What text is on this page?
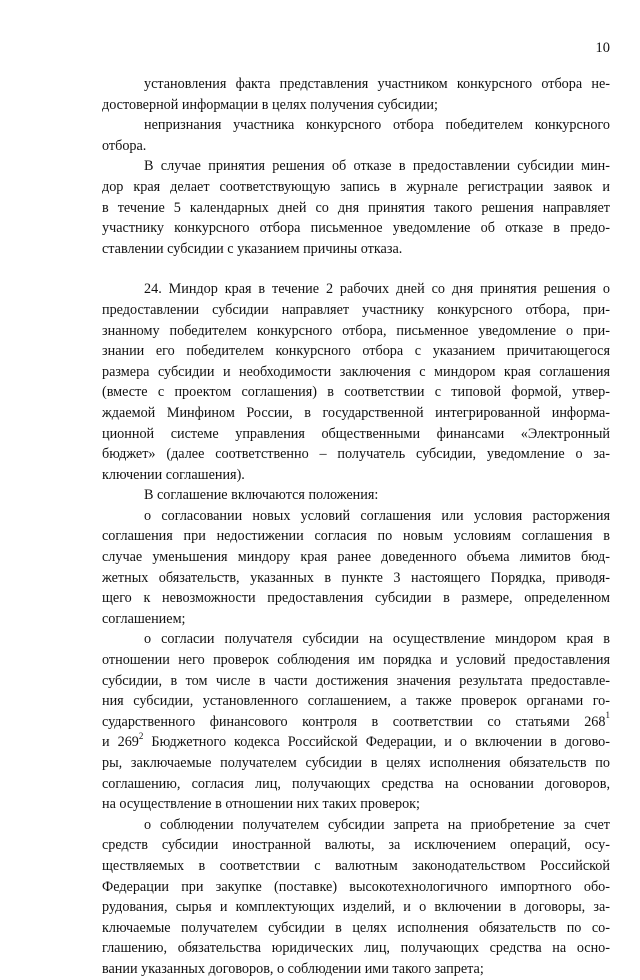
10
установления факта представления участником конкурсного отбора не-
достоверной информации в целях получения субсидии;
непризнания участника конкурсного отбора победителем конкурсного
отбора.
В случае принятия решения об отказе в предоставлении субсидии мин-
дор края делает соответствующую запись в журнале регистрации заявок и
в течение 5 календарных дней со дня принятия такого решения направляет
участнику конкурсного отбора письменное уведомление об отказе в предо-
ставлении субсидии с указанием причины отказа.
24. Миндор края в течение 2 рабочих дней со дня принятия решения о
предоставлении субсидии направляет участнику конкурсного отбора, при-
знанному победителем конкурсного отбора, письменное уведомление о при-
знании его победителем конкурсного отбора с указанием причитающегося
размера субсидии и необходимости заключения с миндором края соглашения
(вместе с проектом соглашения) в соответствии с типовой формой, утвер-
ждаемой Минфином России, в государственной интегрированной информа-
ционной системе управления общественными финансами «Электронный
бюджет» (далее соответственно – получатель субсидии, уведомление о за-
ключении соглашения).
В соглашение включаются положения:
о согласовании новых условий соглашения или условия расторжения
соглашения при недостижении согласия по новым условиям соглашения в
случае уменьшения миндору края ранее доведенного объема лимитов бюд-
жетных обязательств, указанных в пункте 3 настоящего Порядка, приводя-
щего к невозможности предоставления субсидии в размере, определенном
соглашением;
о согласии получателя субсидии на осуществление миндором края в
отношении него проверок соблюдения им порядка и условий предоставления
субсидии, в том числе в части достижения значения результата предоставле-
ния субсидии, установленного соглашением, а также проверок органами го-
сударственного финансового контроля в соответствии со статьями $268^1$
и $269^2$ Бюджетного кодекса Российской Федерации, и о включении в догово-
ры, заключаемые получателем субсидии в целях исполнения обязательств по
соглашению, согласия лиц, получающих средства на основании договоров,
на осуществление в отношении них таких проверок;
о соблюдении получателем субсидии запрета на приобретение за счет
средств субсидии иностранной валюты, за исключением операций, осу-
ществляемых в соответствии с валютным законодательством Российской
Федерации при закупке (поставке) высокотехнологичного импортного обо-
рудования, сырья и комплектующих изделий, и о включении в договоры, за-
ключаемые получателем субсидии в целях исполнения обязательств по со-
глашению, обязательства юридических лиц, получающих средства на осно-
вании указанных договоров, о соблюдении ими такого запрета;
